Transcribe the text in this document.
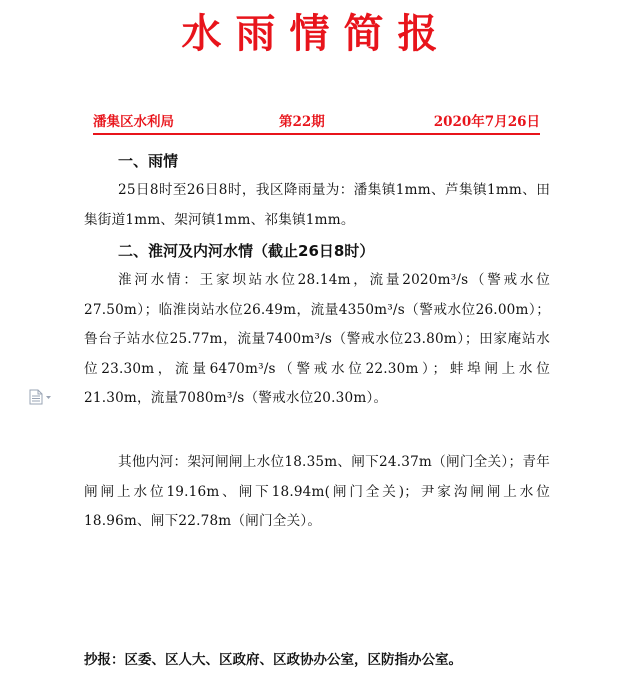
水雨情简报
潘集区水利局	第22期	2020年7月26日
一、雨情

25日8时至26日8时，我区降雨量为：潘集镇1mm、芦集镇1mm、田集街道1mm、架河镇1mm、祁集镇1mm。

二、淮河及内河水情（截止26日8时）

淮河水情：王家坝站水位28.14m，流量2020m³/s（警戒水位27.50m）；临淮岗站水位26.49m，流量4350m³/s（警戒水位26.00m）；鲁台子站水位25.77m，流量7400m³/s（警戒水位23.80m）；田家庵站水位23.30m，流量6470m³/s（警戒水位22.30m）；蚌埠闸上水位21.30m，流量7080m³/s（警戒水位20.30m）。

其他内河：架河闸闸上水位18.35m、闸下24.37m（闸门全关）；青年闸闸上水位19.16m、闸下18.94m(闸门全关)；尹家沟闸闸上水位18.96m、闸下22.78m（闸门全关）。

抄报：区委、区人大、区政府、区政协办公室，区防指办公室。
